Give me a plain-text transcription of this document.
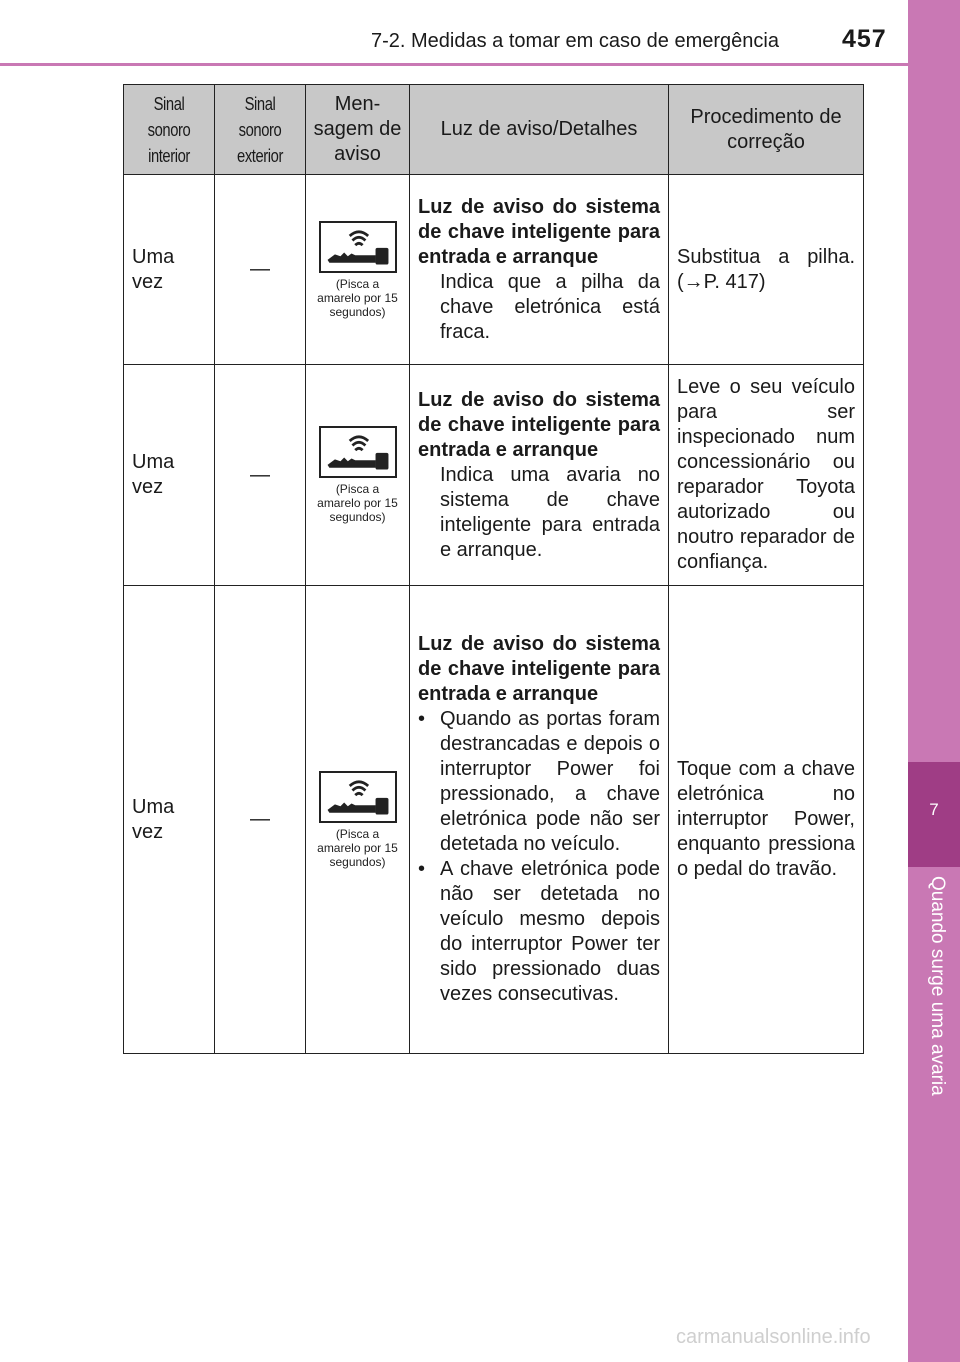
7-2. Medidas a tomar em caso de emergência	457
7
Quando surge uma avaria
Sinal sonoro interior	Sinal sonoro exterior	Men-sagem de aviso	Luz de aviso/Detalhes	Procedimento de correção

Uma vez	—	(Pisca a amarelo por 15 segundos)	Luz de aviso do sistema de chave inteligente para entrada e arranque
Indica que a pilha da chave eletrónica está fraca.	Substitua a pilha. (→P. 417)
Uma vez	—	(Pisca a amarelo por 15 segundos)	Luz de aviso do sistema de chave inteligente para entrada e arranque
Indica uma avaria no sistema de chave inteligente para entrada e arranque.	Leve o seu veículo para ser inspecionado num concessionário ou reparador Toyota autorizado ou noutro reparador de confiança.
Uma vez	—	(Pisca a amarelo por 15 segundos)	Luz de aviso do sistema de chave inteligente para entrada e arranque
• Quando as portas foram destrancadas e depois o interruptor Power foi pressionado, a chave eletrónica pode não ser detetada no veículo.
• A chave eletrónica pode não ser detetada no veículo mesmo depois do interruptor Power ter sido pressionado duas vezes consecutivas.	Toque com a chave eletrónica no interruptor Power, enquanto pressiona o pedal do travão.
carmanualsonline.info
